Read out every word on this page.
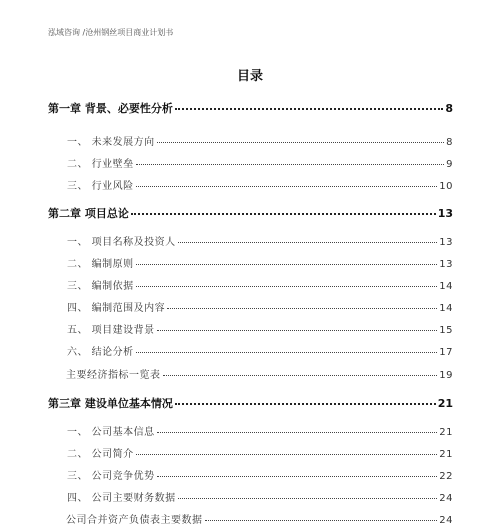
泓域咨询 /沧州钢丝项目商业计划书
目录
第一章 背景、必要性分析	8
一、 未来发展方向	8
二、 行业壁垒	9
三、 行业风险	10
第二章 项目总论	13
一、 项目名称及投资人	13
二、 编制原则	13
三、 编制依据	14
四、 编制范围及内容	14
五、 项目建设背景	15
六、 结论分析	17
主要经济指标一览表	19
第三章 建设单位基本情况	21
一、 公司基本信息	21
二、 公司简介	21
三、 公司竞争优势	22
四、 公司主要财务数据	24
公司合并资产负债表主要数据	24
